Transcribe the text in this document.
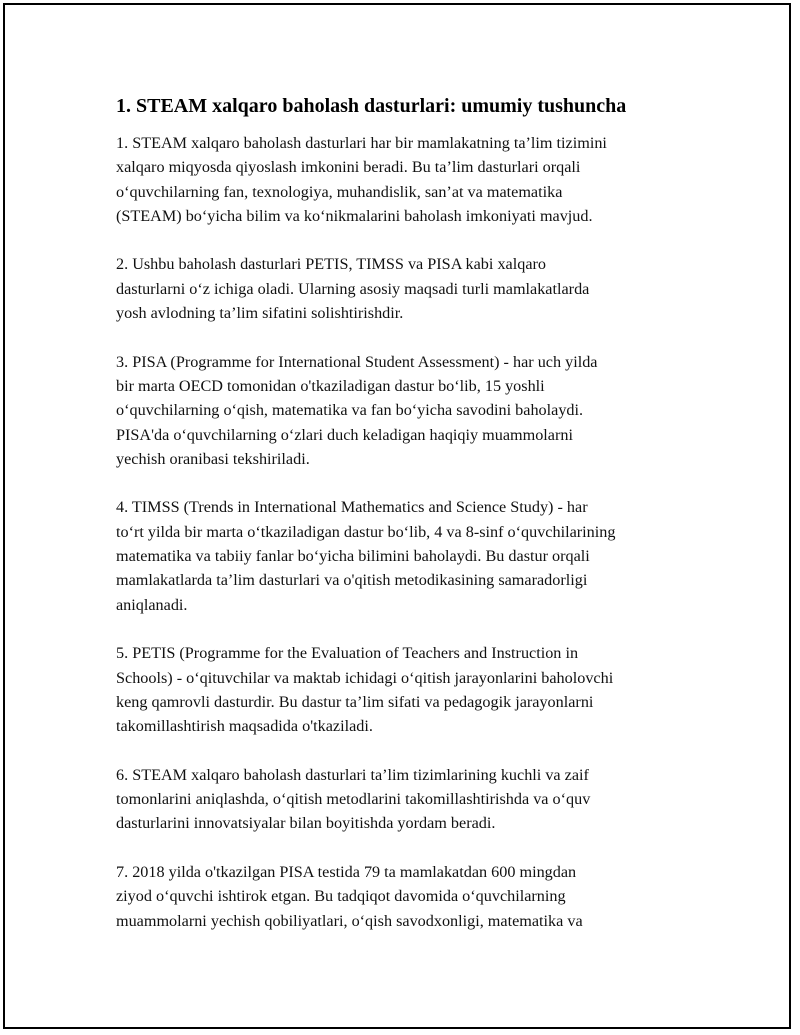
1. STEAM xalqaro baholash dasturlari: umumiy tushuncha
1. STEAM xalqaro baholash dasturlari har bir mamlakatning ta’lim tizimini
xalqaro miqyosda qiyoslash imkonini beradi. Bu ta’lim dasturlari orqali
o‘quvchilarning fan, texnologiya, muhandislik, san’at va matematika
(STEAM) bo‘yicha bilim va ko‘nikmalarini baholash imkoniyati mavjud.
2. Ushbu baholash dasturlari PETIS, TIMSS va PISA kabi xalqaro
dasturlarni o‘z ichiga oladi. Ularning asosiy maqsadi turli mamlakatlarda
yosh avlodning ta’lim sifatini solishtirishdir.
3. PISA (Programme for International Student Assessment) - har uch yilda
bir marta OECD tomonidan o'tkaziladigan dastur bo‘lib, 15 yoshli
o‘quvchilarning o‘qish, matematika va fan bo‘yicha savodini baholaydi.
PISA'da o‘quvchilarning o‘zlari duch keladigan haqiqiy muammolarni
yechish oranibasi tekshiriladi.
4. TIMSS (Trends in International Mathematics and Science Study) - har
to‘rt yilda bir marta o‘tkaziladigan dastur bo‘lib, 4 va 8-sinf o‘quvchilarining
matematika va tabiiy fanlar bo‘yicha bilimini baholaydi. Bu dastur orqali
mamlakatlarda ta’lim dasturlari va o'qitish metodikasining samaradorligi
aniqlanadi.
5. PETIS (Programme for the Evaluation of Teachers and Instruction in
Schools) - o‘qituvchilar va maktab ichidagi o‘qitish jarayonlarini baholovchi
keng qamrovli dasturdir. Bu dastur ta’lim sifati va pedagogik jarayonlarni
takomillashtirish maqsadida o'tkaziladi.
6. STEAM xalqaro baholash dasturlari ta’lim tizimlarining kuchli va zaif
tomonlarini aniqlashda, o‘qitish metodlarini takomillashtirishda va o‘quv
dasturlarini innovatsiyalar bilan boyitishda yordam beradi.
7. 2018 yilda o'tkazilgan PISA testida 79 ta mamlakatdan 600 mingdan
ziyod o‘quvchi ishtirok etgan. Bu tadqiqot davomida o‘quvchilarning
muammolarni yechish qobiliyatlari, o‘qish savodxonligi, matematika va
